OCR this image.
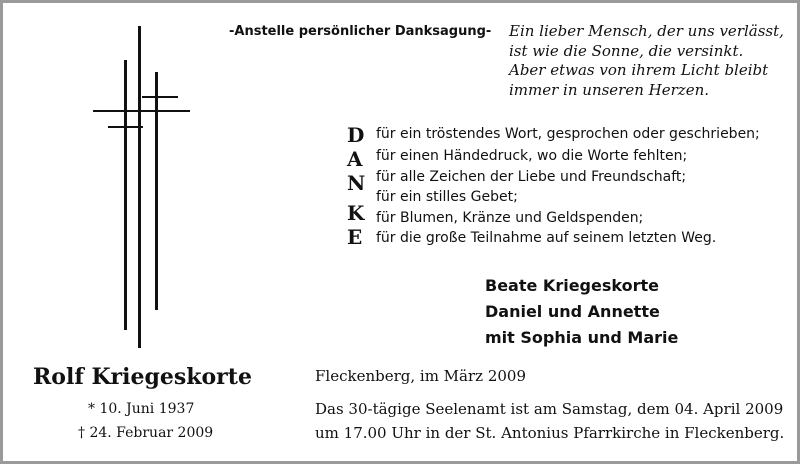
-Anstelle persönlicher Danksagung- Ein lieber Mensch, der uns verlässt,
ist wie die Sonne, die versinkt.
Aber etwas von ihrem Licht bleibt
immer in unseren Herzen.
D
A
N
K
E
für ein tröstendes Wort, gesprochen oder geschrieben;
für einen Händedruck, wo die Worte fehlten;
für alle Zeichen der Liebe und Freundschaft;
für ein stilles Gebet;
für Blumen, Kränze und Geldspenden;
für die große Teilnahme auf seinem letzten Weg.
Beate Kriegeskorte
Daniel und Annette
mit Sophia und Marie
Rolf Kriegeskorte
* 10. Juni 1937
† 24. Februar 2009
Fleckenberg, im März 2009
Das 30-tägige Seelenamt ist am Samstag, dem 04. April 2009
um 17.00 Uhr in der St. Antonius Pfarrkirche in Fleckenberg.
